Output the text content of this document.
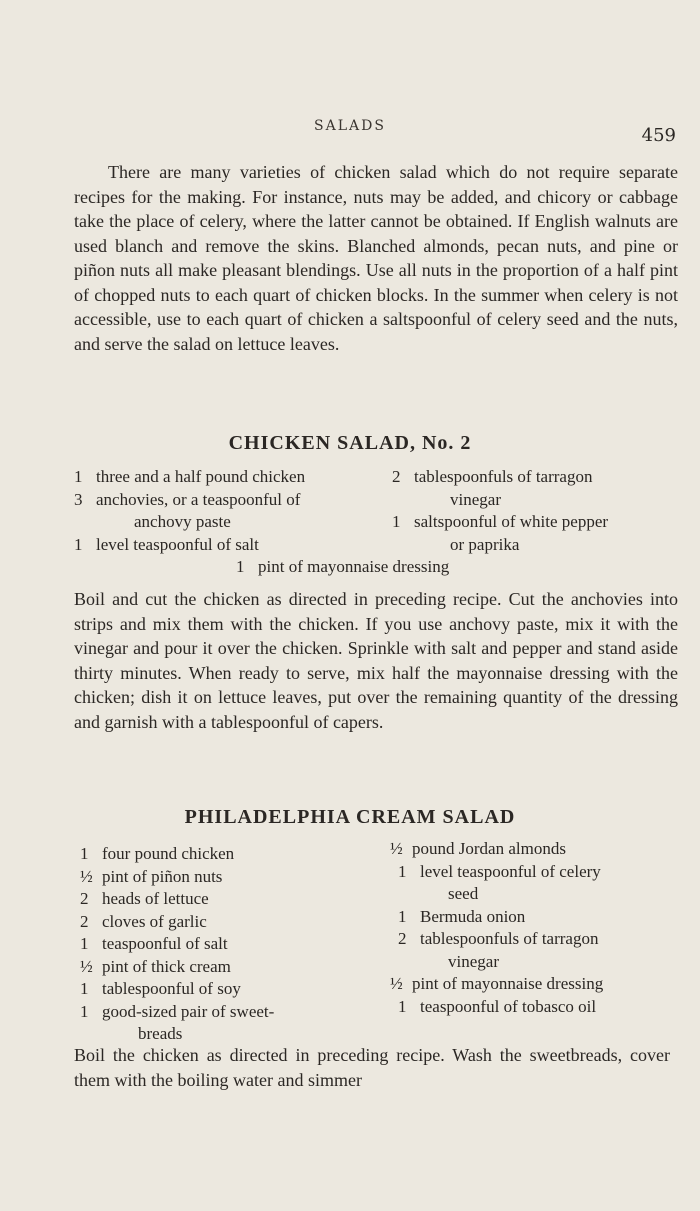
SALADS	459

There are many varieties of chicken salad which do not require separate recipes for the making. For instance, nuts may be added, and chicory or cabbage take the place of celery, where the latter cannot be obtained. If English walnuts are used blanch and remove the skins. Blanched almonds, pecan nuts, and pine or piñon nuts all make pleasant blendings. Use all nuts in the proportion of a half pint of chopped nuts to each quart of chicken blocks. In the summer when celery is not accessible, use to each quart of chicken a saltspoonful of celery seed and the nuts, and serve the salad on lettuce leaves.

CHICKEN SALAD, No. 2
1 three and a half pound chicken
3 anchovies, or a teaspoonful of
anchovy paste
1 level teaspoonful of salt
2 tablespoonfuls of tarragon
vinegar
1 saltspoonful of white pepper
or paprika
1 pint of mayonnaise dressing

Boil and cut the chicken as directed in preceding recipe. Cut the anchovies into strips and mix them with the chicken. If you use anchovy paste, mix it with the vinegar and pour it over the chicken. Sprinkle with salt and pepper and stand aside thirty minutes. When ready to serve, mix half the mayonnaise dressing with the chicken; dish it on lettuce leaves, put over the remaining quantity of the dressing and garnish with a tablespoonful of capers.

PHILADELPHIA CREAM SALAD
1 four pound chicken
½ pint of piñon nuts
2 heads of lettuce
2 cloves of garlic
1 teaspoonful of salt
½ pint of thick cream
1 tablespoonful of soy
1 good-sized pair of sweet-
breads
½ pound Jordan almonds
1 level teaspoonful of celery
seed
1 Bermuda onion
2 tablespoonfuls of tarragon
vinegar
½ pint of mayonnaise dressing
1 teaspoonful of tobasco oil

Boil the chicken as directed in preceding recipe. Wash the sweetbreads, cover them with the boiling water and simmer
